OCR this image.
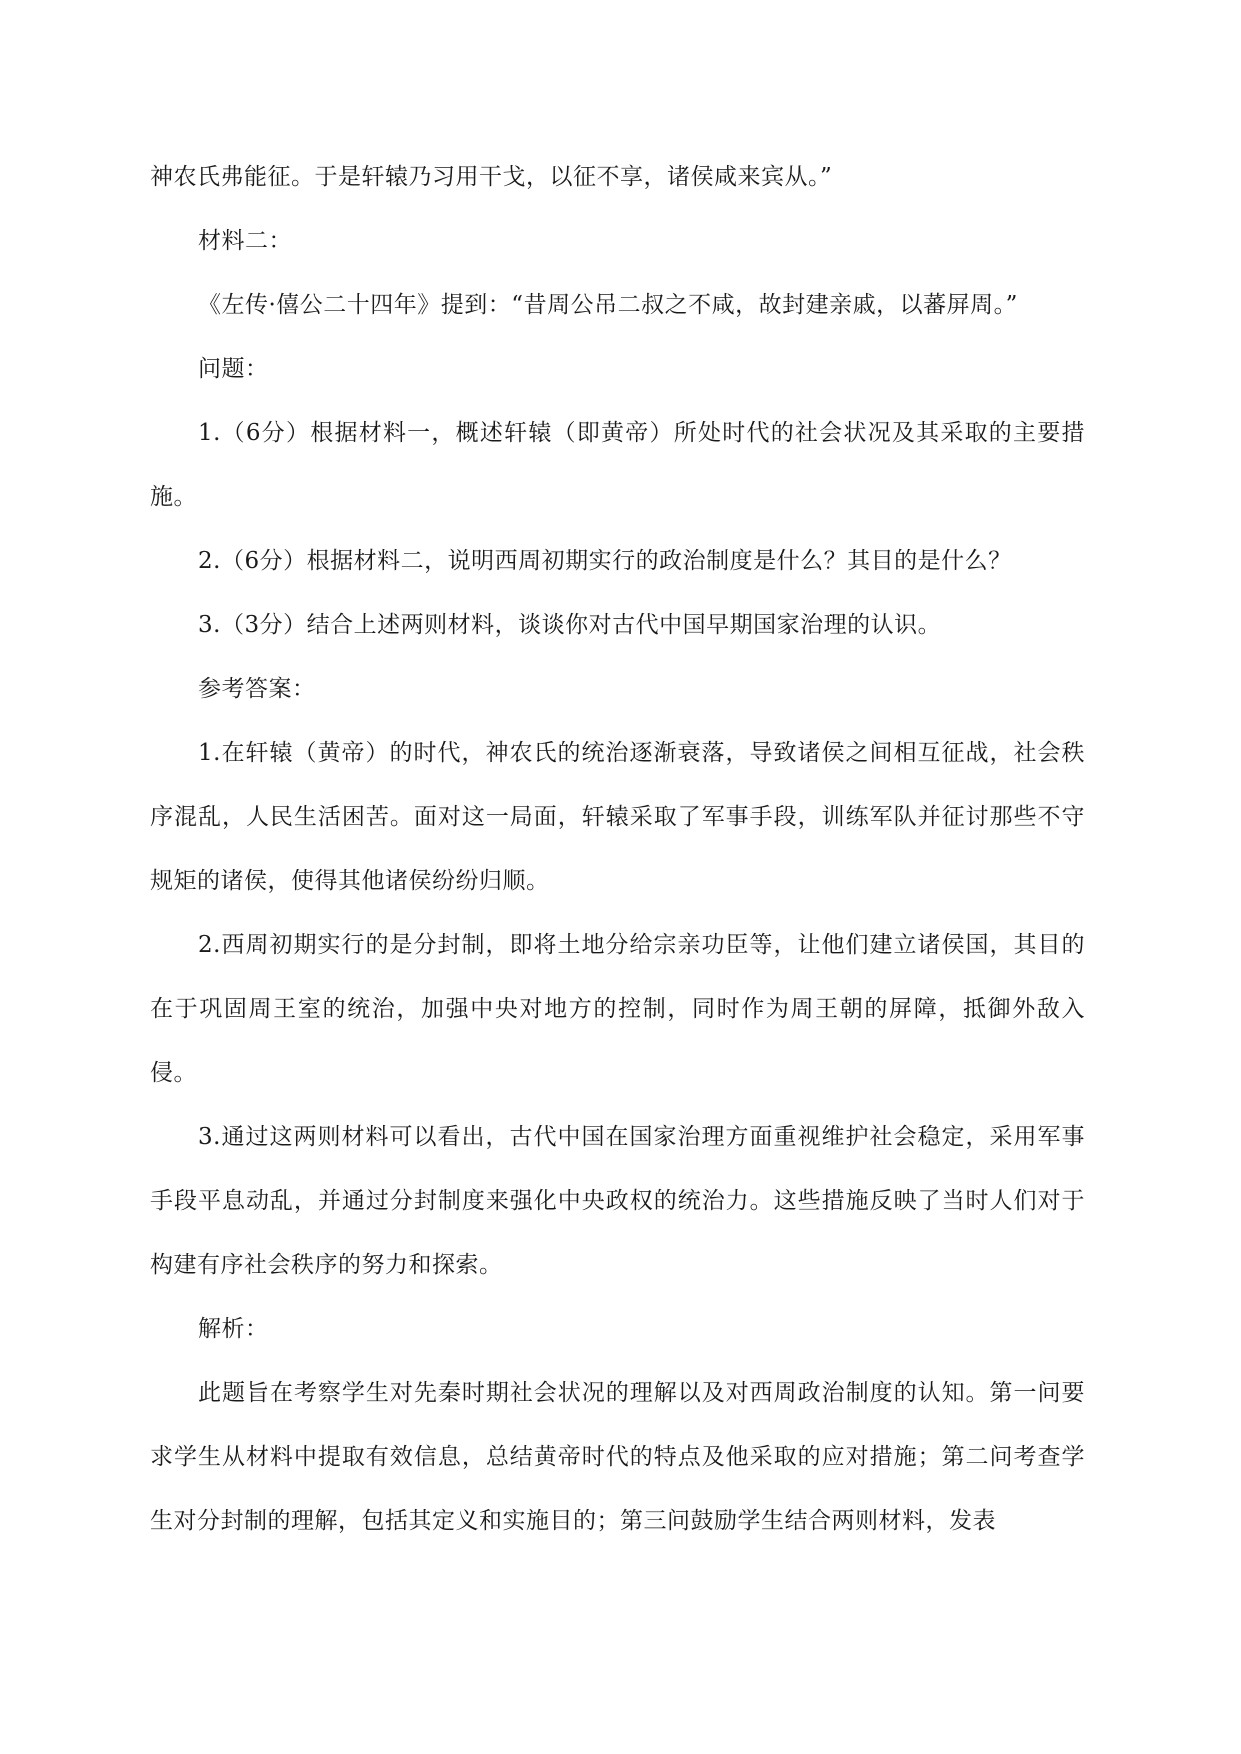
神农氏弗能征。于是轩辕乃习用干戈，以征不享，诸侯咸来宾从。”

材料二：

《左传·僖公二十四年》提到：“昔周公吊二叔之不咸，故封建亲戚，以蕃屏周。”

问题：

1.（6分）根据材料一，概述轩辕（即黄帝）所处时代的社会状况及其采取的主要措施。

2.（6分）根据材料二，说明西周初期实行的政治制度是什么？其目的是什么？

3.（3分）结合上述两则材料，谈谈你对古代中国早期国家治理的认识。

参考答案：

1.在轩辕（黄帝）的时代，神农氏的统治逐渐衰落，导致诸侯之间相互征战，社会秩序混乱，人民生活困苦。面对这一局面，轩辕采取了军事手段，训练军队并征讨那些不守规矩的诸侯，使得其他诸侯纷纷归顺。

2.西周初期实行的是分封制，即将土地分给宗亲功臣等，让他们建立诸侯国，其目的在于巩固周王室的统治，加强中央对地方的控制，同时作为周王朝的屏障，抵御外敌入侵。

3.通过这两则材料可以看出，古代中国在国家治理方面重视维护社会稳定，采用军事手段平息动乱，并通过分封制度来强化中央政权的统治力。这些措施反映了当时人们对于构建有序社会秩序的努力和探索。

解析：

此题旨在考察学生对先秦时期社会状况的理解以及对西周政治制度的认知。第一问要求学生从材料中提取有效信息，总结黄帝时代的特点及他采取的应对措施；第二问考查学生对分封制的理解，包括其定义和实施目的；第三问鼓励学生结合两则材料，发表
